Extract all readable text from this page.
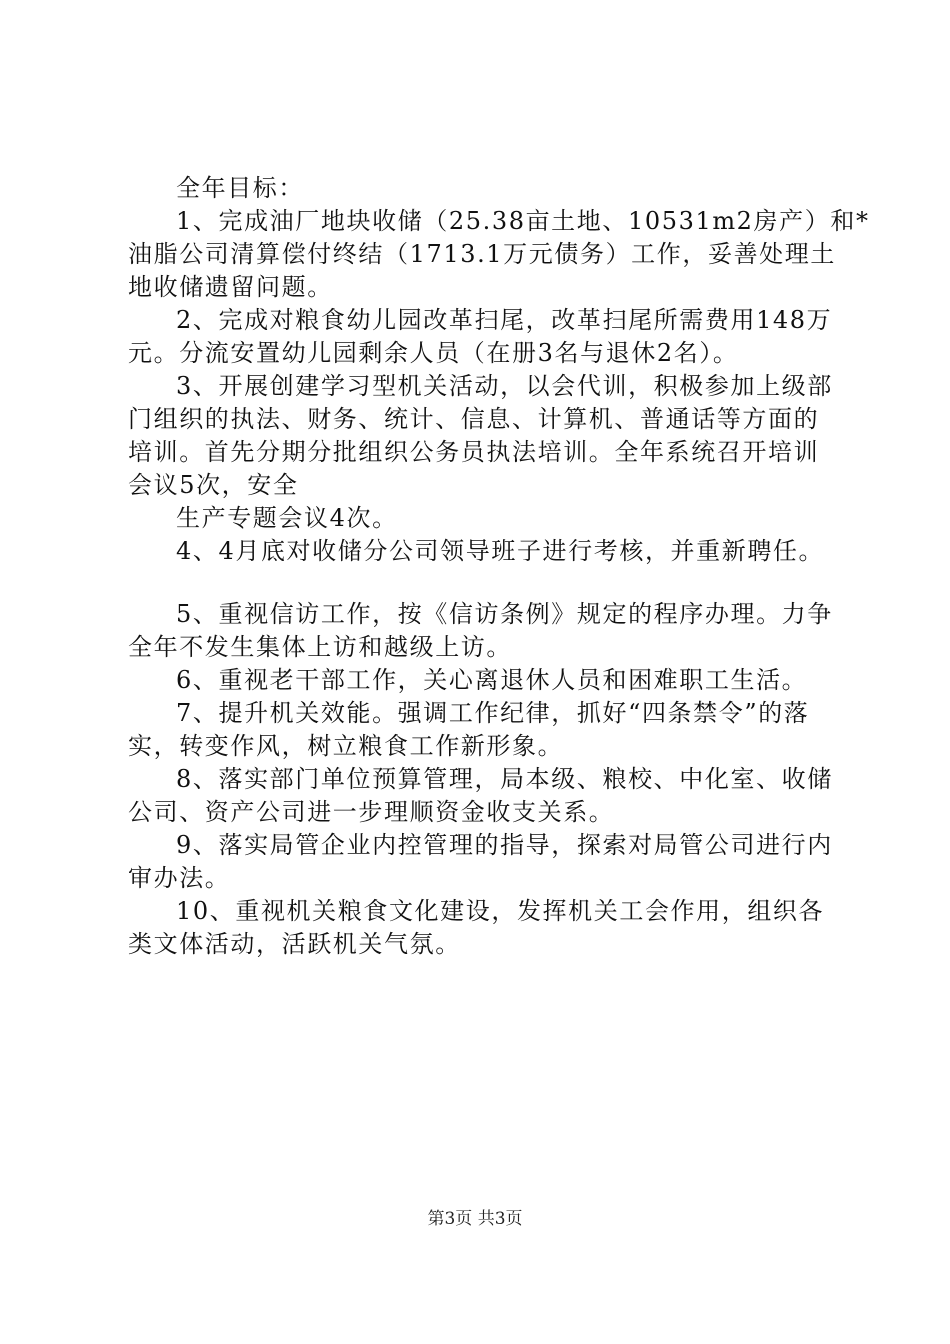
全年目标：
1、完成油厂地块收储（25.38亩土地、10531m2房产）和*
油脂公司清算偿付终结（1713.1万元债务）工作，妥善处理土
地收储遗留问题。
2、完成对粮食幼儿园改革扫尾，改革扫尾所需费用148万
元。分流安置幼儿园剩余人员（在册3名与退休2名）。
3、开展创建学习型机关活动，以会代训，积极参加上级部
门组织的执法、财务、统计、信息、计算机、普通话等方面的
培训。首先分期分批组织公务员执法培训。全年系统召开培训
会议5次，安全
生产专题会议4次。
4、4月底对收储分公司领导班子进行考核，并重新聘任。
5、重视信访工作，按《信访条例》规定的程序办理。力争
全年不发生集体上访和越级上访。
6、重视老干部工作，关心离退休人员和困难职工生活。
7、提升机关效能。强调工作纪律，抓好“四条禁令”的落
实，转变作风，树立粮食工作新形象。
8、落实部门单位预算管理，局本级、粮校、中化室、收储
公司、资产公司进一步理顺资金收支关系。
9、落实局管企业内控管理的指导，探索对局管公司进行内
审办法。
10、重视机关粮食文化建设，发挥机关工会作用，组织各
类文体活动，活跃机关气氛。
第3页 共3页
